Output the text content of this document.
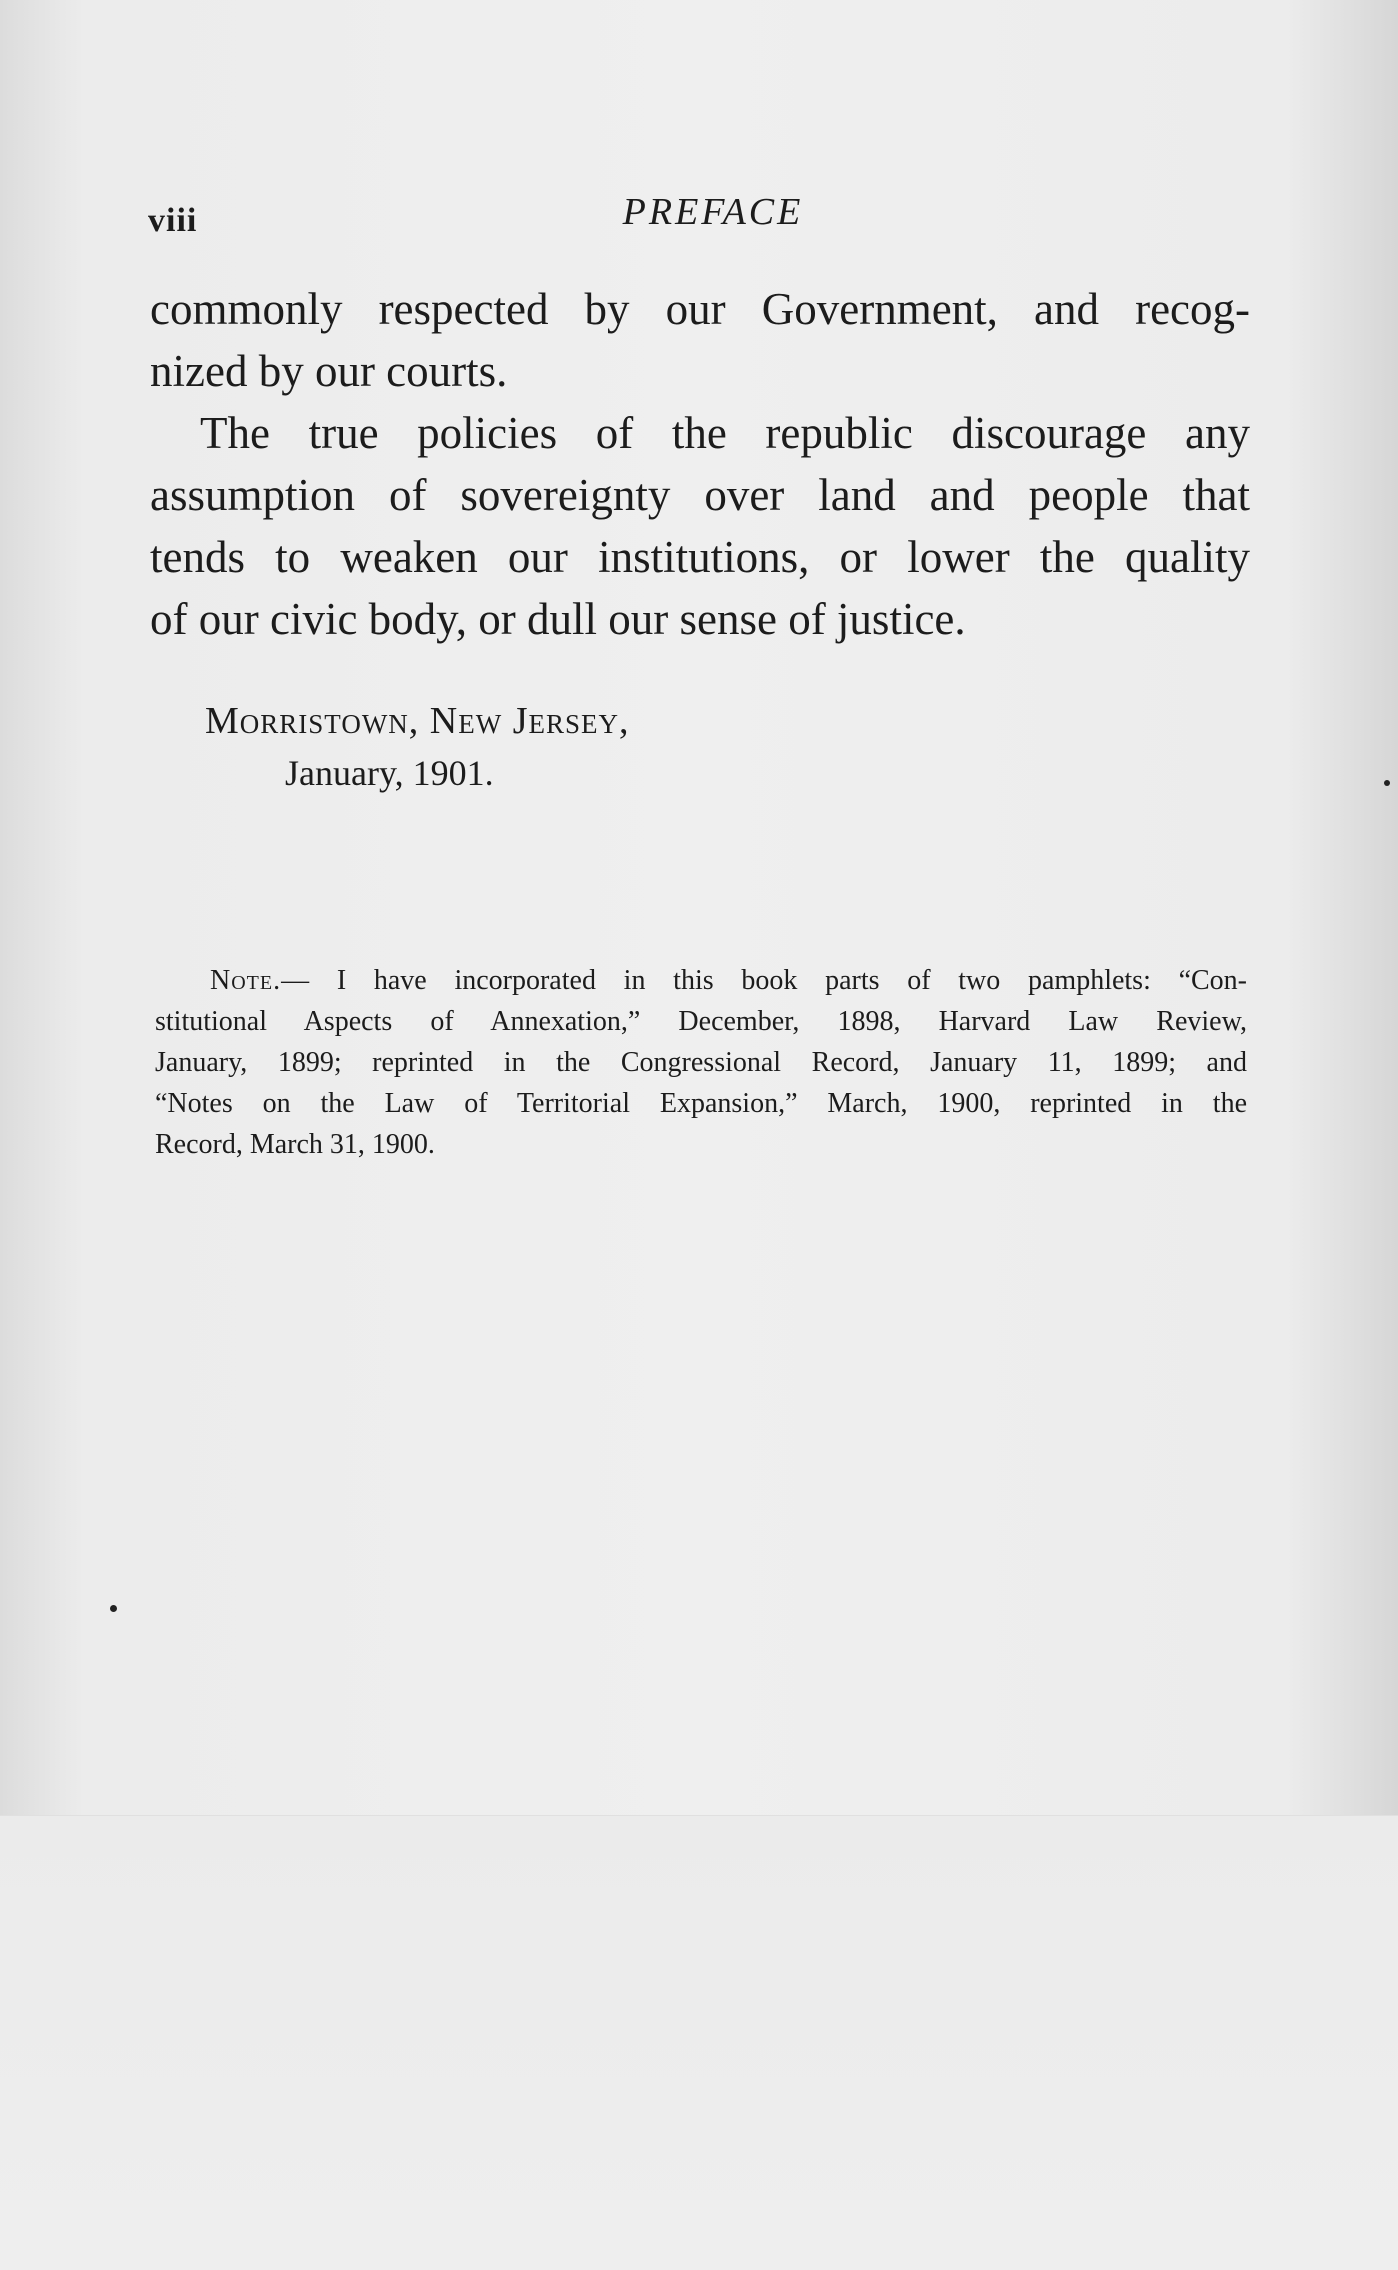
viii	PREFACE

commonly respected by our Government, and recog-
nized by our courts.

The true policies of the republic discourage any
assumption of sovereignty over land and people that
tends to weaken our institutions, or lower the quality
of our civic body, or dull our sense of justice.

Morristown, New Jersey,
January, 1901.
Note.— I have incorporated in this book parts of two pamphlets: “Con-
stitutional Aspects of Annexation,” December, 1898, Harvard Law Review,
January, 1899; reprinted in the Congressional Record, January 11, 1899; and
“Notes on the Law of Territorial Expansion,” March, 1900, reprinted in the
Record, March 31, 1900.
